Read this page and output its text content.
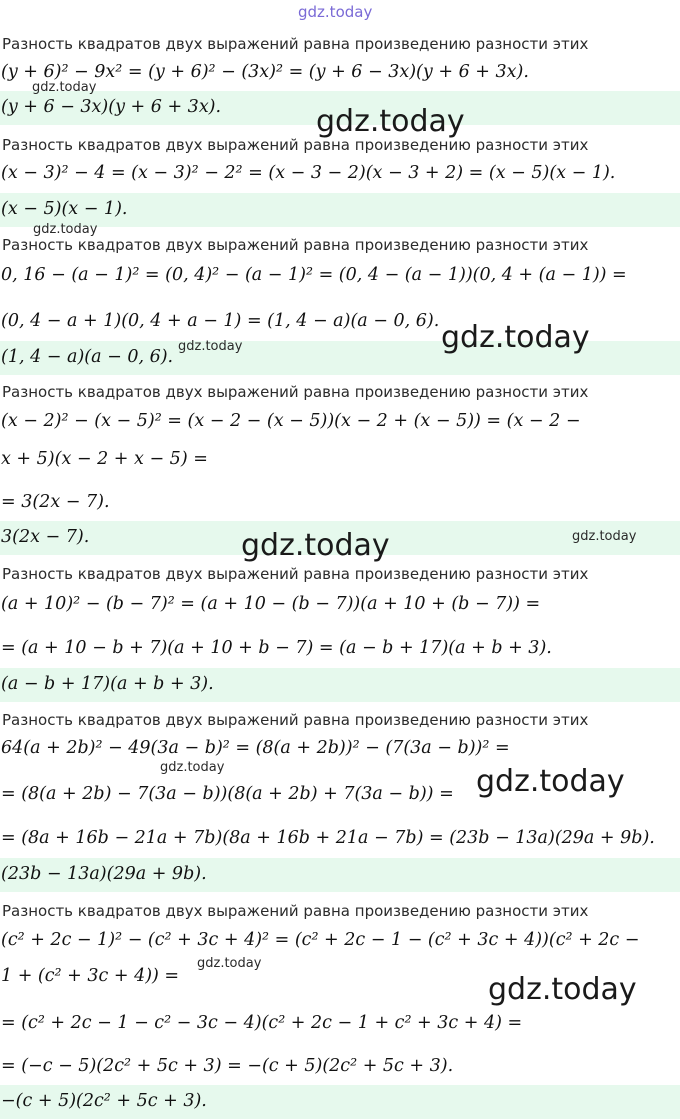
gdz.today
Разность квадратов двух выражений равна произведению разности этих
(y + 6)² − 9x² = (y + 6)² − (3x)² = (y + 6 − 3x)(y + 6 + 3x).
(y + 6 − 3x)(y + 6 + 3x).
Разность квадратов двух выражений равна произведению разности этих
(x − 3)² − 4 = (x − 3)² − 2² = (x − 3 − 2)(x − 3 + 2) = (x − 5)(x − 1).
(x − 5)(x − 1).
Разность квадратов двух выражений равна произведению разности этих
0, 16 − (a − 1)² = (0, 4)² − (a − 1)² = (0, 4 − (a − 1))(0, 4 + (a − 1)) =
(0, 4 − a + 1)(0, 4 + a − 1) = (1, 4 − a)(a − 0, 6).
(1, 4 − a)(a − 0, 6).
Разность квадратов двух выражений равна произведению разности этих
(x − 2)² − (x − 5)² = (x − 2 − (x − 5))(x − 2 + (x − 5)) = (x − 2 −
x + 5)(x − 2 + x − 5) =
= 3(2x − 7).
3(2x − 7).
Разность квадратов двух выражений равна произведению разности этих
(a + 10)² − (b − 7)² = (a + 10 − (b − 7))(a + 10 + (b − 7)) =
= (a + 10 − b + 7)(a + 10 + b − 7) = (a − b + 17)(a + b + 3).
(a − b + 17)(a + b + 3).
Разность квадратов двух выражений равна произведению разности этих
64(a + 2b)² − 49(3a − b)² = (8(a + 2b))² − (7(3a − b))² =
= (8(a + 2b) − 7(3a − b))(8(a + 2b) + 7(3a − b)) =
= (8a + 16b − 21a + 7b)(8a + 16b + 21a − 7b) = (23b − 13a)(29a + 9b).
(23b − 13a)(29a + 9b).
Разность квадратов двух выражений равна произведению разности этих
(c² + 2c − 1)² − (c² + 3c + 4)² = (c² + 2c − 1 − (c² + 3c + 4))(c² + 2c −
1 + (c² + 3c + 4)) =
= (c² + 2c − 1 − c² − 3c − 4)(c² + 2c − 1 + c² + 3c + 4) =
= (−c − 5)(2c² + 5c + 3) = −(c + 5)(2c² + 5c + 3).
−(c + 5)(2c² + 5c + 3).
gdz.today
gdz.today
gdz.today
gdz.today
gdz.today
gdz.today
gdz.today
gdz.today	gdz.today
gdz.today
gdz.today
